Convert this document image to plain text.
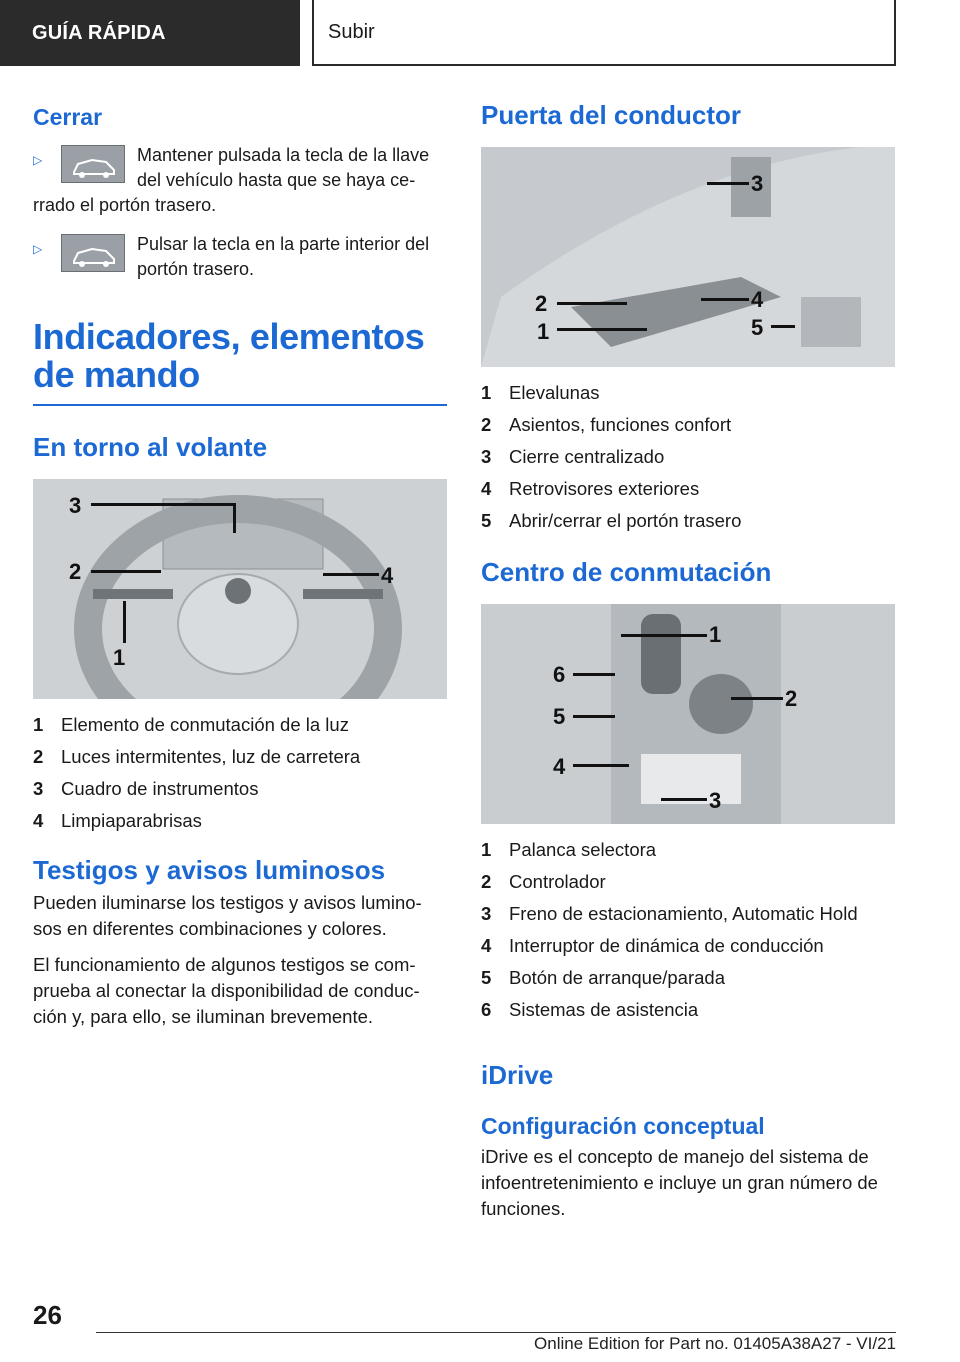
GUÍA RÁPIDA	Subir
Cerrar
▷	Mantener pulsada la tecla de la llave del vehículo hasta que se haya ce-rrado el portón trasero.

▷	Pulsar la tecla en la parte interior del portón trasero.

Indicadores, elementos de mando
En torno al volante
3
2	4
1
1 Elemento de conmutación de la luz
2 Luces intermitentes, luz de carretera
3 Cuadro de instrumentos
4 Limpiaparabrisas
Testigos y avisos luminosos

Pueden iluminarse los testigos y avisos lumino-sos en diferentes combinaciones y colores.

El funcionamiento de algunos testigos se com-prueba al conectar la disponibilidad de conduc-ción y, para ello, se iluminan brevemente.

Puerta del conductor
3
2	4
1	5
1 Elevalunas
2 Asientos, funciones confort
3 Cierre centralizado
4 Retrovisores exteriores
5 Abrir/cerrar el portón trasero
Centro de conmutación
1
6
2
5
4
3
1 Palanca selectora
2 Controlador
3 Freno de estacionamiento, Automatic Hold
4 Interruptor de dinámica de conducción
5 Botón de arranque/parada
6 Sistemas de asistencia
iDrive
Configuración conceptual

iDrive es el concepto de manejo del sistema de infoentretenimiento e incluye un gran número de funciones.

26
Online Edition for Part no. 01405A38A27 - VI/21
